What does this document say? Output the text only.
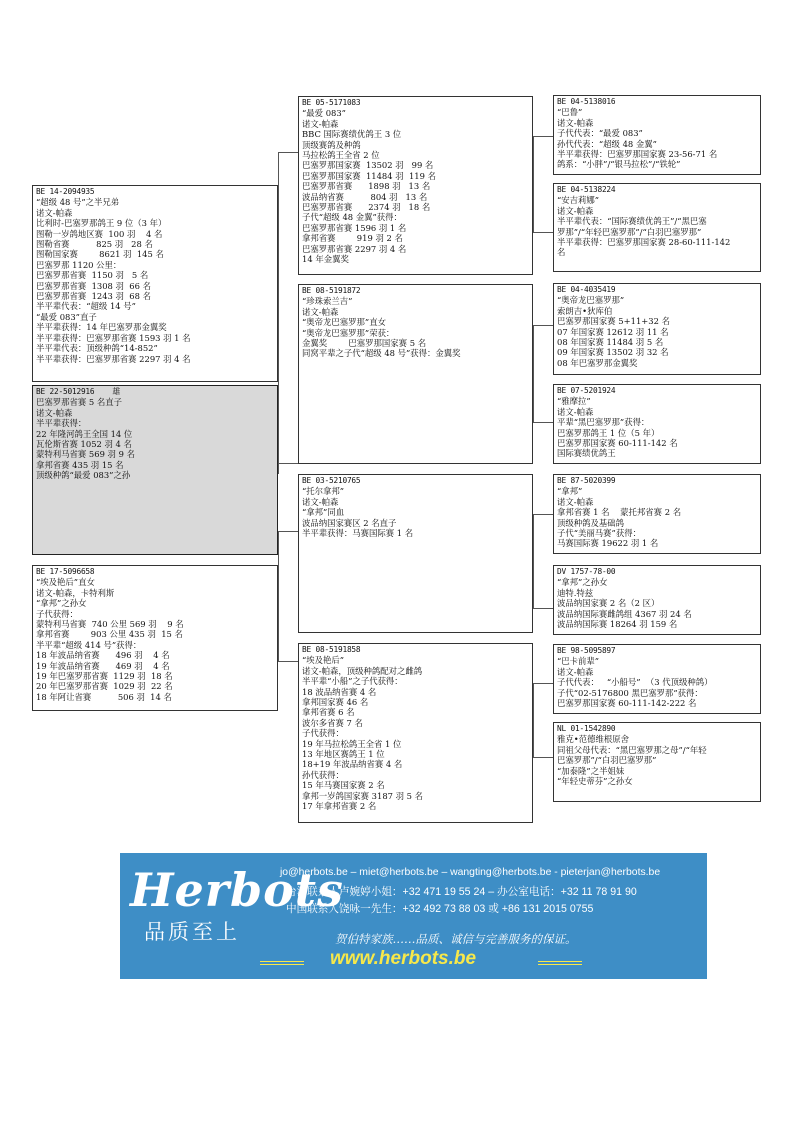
BE 14-2094935
“超级 48 号”之半兄弟
诺文-帕森
比利时-巴塞罗那鸽王 9 位（3 年）
图勒一岁鸽地区赛  100 羽    4 名
图勒省赛          825 羽   28 名
图勒国家赛        8621 羽  145 名
巴塞罗那 1120 公里：
巴塞罗那省赛  1150 羽   5 名
巴塞罗那省赛  1308 羽  66 名
巴塞罗那省赛  1243 羽  68 名
半平辈代表：“超级 14 号”
“最爱 083”直子
半平辈获得：14 年巴塞罗那金翼奖
半平辈获得：巴塞罗那省赛 1593 羽 1 名
半平辈代表：顶级种鸽“14-852”
半平辈获得：巴塞罗那省赛 2297 羽 4 名
BE 22-5012916    雄
巴塞罗那省赛 5 名直子
诺文-帕森
半平辈获得：
22 年隆河鸽王全国 14 位
瓦伦斯省赛 1052 羽 4 名
蒙特利马省赛 569 羽 9 名
拿邦省赛 435 羽 15 名
顶级种鸽“最爱 083”之孙
BE 17-5096658
“埃及艳后”直女
诺文-帕森，卡特利斯
“拿邦”之孙女
子代获得：
蒙特利马省赛  740 公里 569 羽    9 名
拿邦省赛        903 公里 435 羽  15 名
半平辈“超级 414 号”获得：
18 年波品纳省赛      496 羽    4 名
19 年波品纳省赛      469 羽    4 名
19 年巴塞罗那省赛  1129 羽  18 名
20 年巴塞罗那省赛  1029 羽  22 名
18 年阿让省赛          506 羽  14 名
BE 05-5171083
“最爱 083”
诺文-帕森
BBC 国际赛绩优鸽王 3 位
顶级赛鸽及种鸽
马拉松鸽王全省 2 位
巴塞罗那国家赛  13502 羽   99 名
巴塞罗那国家赛  11484 羽  119 名
巴塞罗那省赛      1898 羽   13 名
波品纳省赛          804 羽   13 名
巴塞罗那省赛      2374 羽   18 名
子代“超级 48 金翼”获得：
巴塞罗那省赛 1596 羽 1 名
拿邦省赛        919 羽 2 名
巴塞罗那省赛 2297 羽 4 名
14 年金翼奖
BE 08-5191872
“珍珠索兰吉”
诺文-帕森
“奥帝龙巴塞罗那”直女
“奥帝龙巴塞罗那”荣获：
金翼奖        巴塞罗那国家赛 5 名
同窝平辈之子代“超级 48 号”获得：金翼奖
BE 03-5210765
“托尔拿邦”
诺文-帕森
“拿邦”同血
波品纳国家赛区 2 名直子
半平辈获得：马赛国际赛 1 名
BE 08-5191858
“埃及艳后”
诺文-帕森，顶级种鸽配对之雌鸽
半平辈“小船”之子代获得：
18 波品纳省赛 4 名
拿邦国家赛 46 名
拿邦省赛 6 名
波尔多省赛 7 名
子代获得：
19 年马拉松鸽王全省 1 位
13 年地区赛鸽王 1 位
18+19 年波品纳省赛 4 名
孙代获得：
15 年马赛国家赛 2 名
拿邦一岁鸽国家赛 3187 羽 5 名
17 年拿邦省赛 2 名
BE 04-5138016
“巴鲁”
诺文-帕森
子代代表：“最爱 083”
孙代代表：“超级 48 金翼”
半平辈获得：巴塞罗那国家赛 23-56-71 名
鸽系：“小胖”/“银马拉松”/“铁轮”
BE 04-5138224
“安吉莉娜”
诺文-帕森
半平辈代表：“国际赛绩优鸽王”/“黑巴塞
罗那”/“年轻巴塞罗那”/“白羽巴塞罗那”
半平辈获得：巴塞罗那国家赛 28-60-111-142
名
BE 04-4035419
“奥帝龙巴塞罗那”
索朗吉•狄库伯
巴塞罗那国家赛 5+11+32 名
07 年国家赛 12612 羽 11 名
08 年国家赛 11484 羽 5 名
09 年国家赛 13502 羽 32 名
08 年巴塞罗那金翼奖
BE 07-5201924
“雅摩拉”
诺文-帕森
平辈“黑巴塞罗那”获得：
巴塞罗那鸽王 1 位（5 年）
巴塞罗那国家赛 60-111-142 名
国际赛绩优鸽王
BE 87-5020399
“拿邦”
诺文-帕森
拿邦省赛 1 名    蒙托邦省赛 2 名
顶级种鸽及基础鸽
子代“美丽马赛”获得：
马赛国际赛 19622 羽 1 名
DV 1757-78-00
“拿邦”之孙女
迪特.特兹
波品纳国家赛 2 名（2 区）
波品纳国际赛雌鸽组 4367 羽 24 名
波品纳国际赛 18264 羽 159 名
BE 98-5095897
“巴卡前辈”
诺文-帕森
子代代表：   “小船号”  （3 代顶级种鸽）
子代“02-5176800 黑巴塞罗那”获得：
巴塞罗那国家赛 60-111-142-222 名
NL 01-1542890
雅克•范德维根原舍
同祖父母代表：“黑巴塞罗那之母”/“年轻
巴塞罗那”/“白羽巴塞罗那”
“加泰隆”之半姐妹
“年轻史蒂芬”之孙女
Herbots
品质至上
jo@herbots.be – miet@herbots.be – wangting@herbots.be - pieterjan@herbots.be
台湾联系人卢婉婷小姐：+32 471 19 55 24 – 办公室电话：+32 11 78 91 90
中国联系人饶咏一先生：+32 492 73 88 03 或 +86 131 2015 0755
贺伯特家族……品质、诚信与完善服务的保证。
www.herbots.be
